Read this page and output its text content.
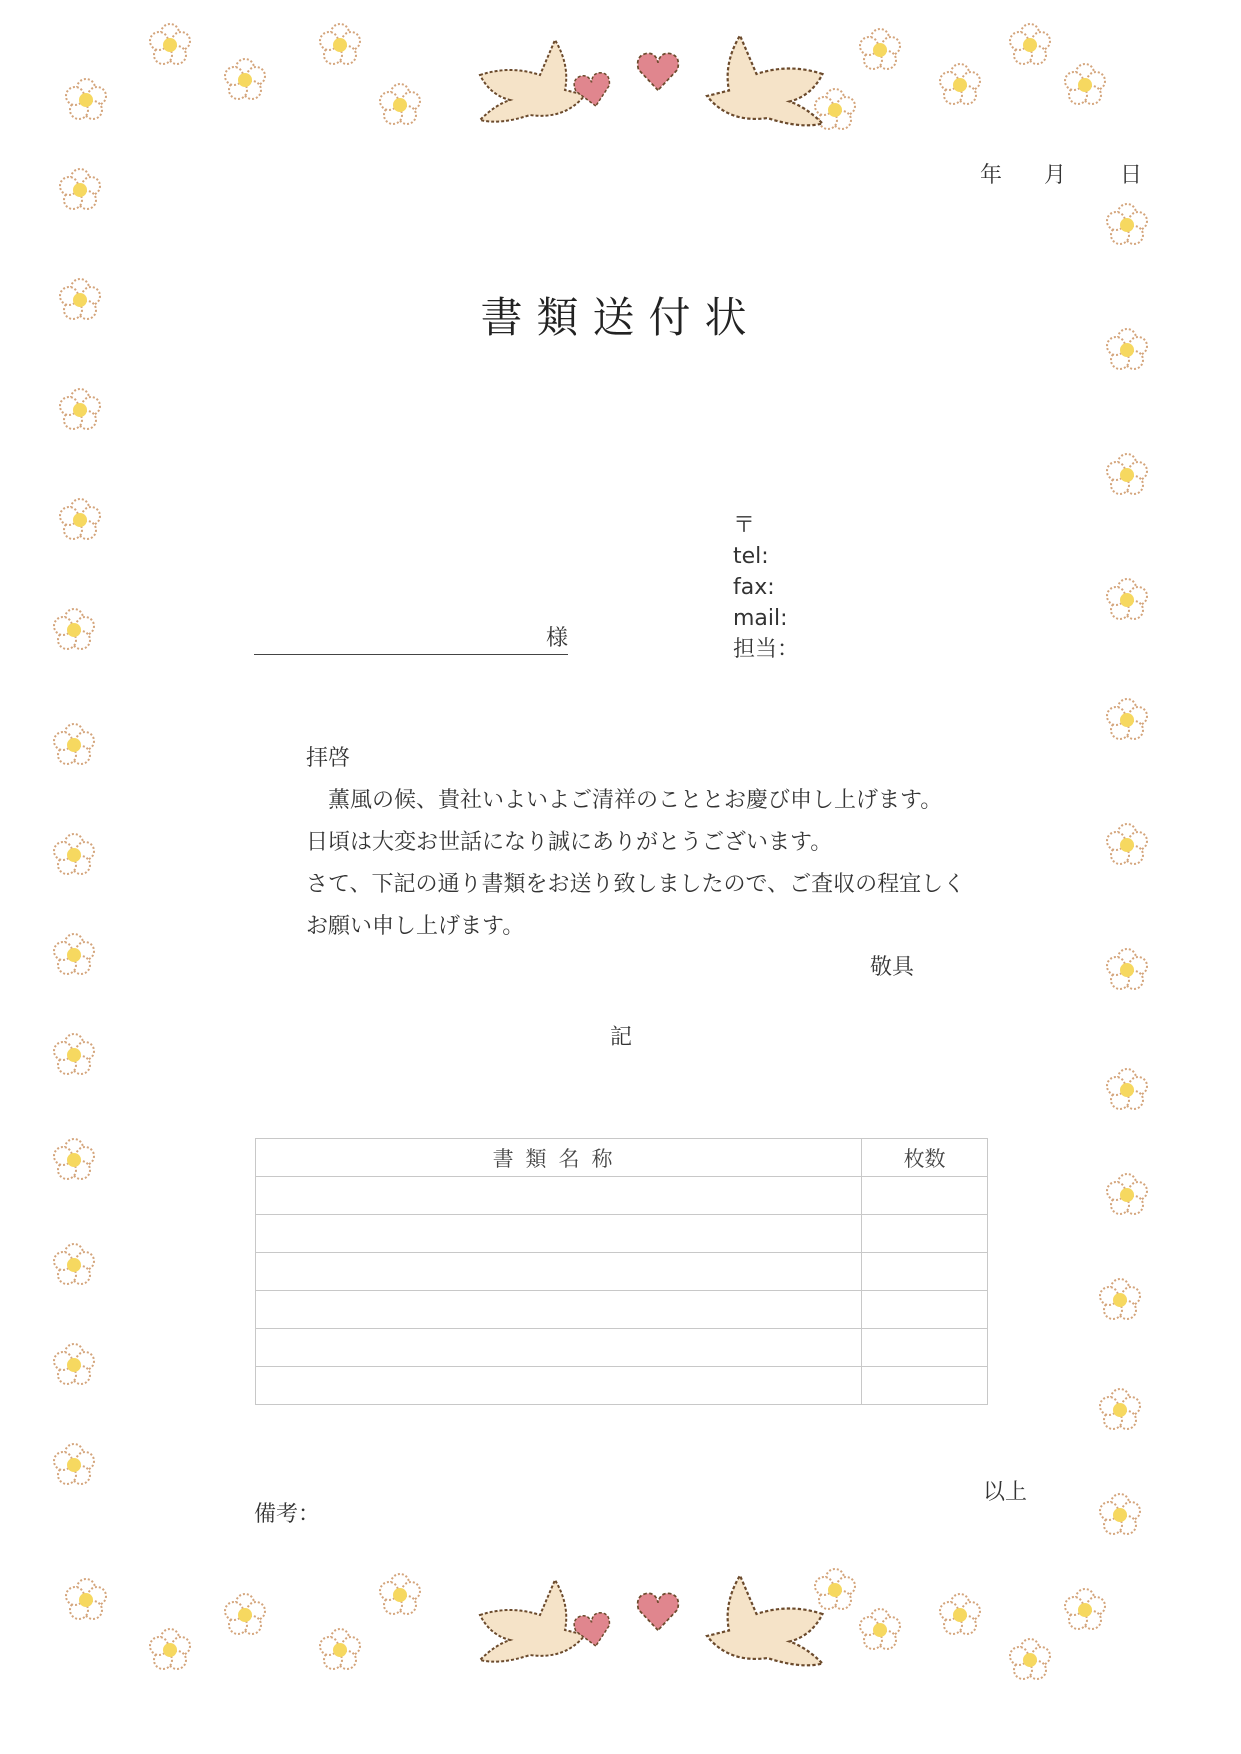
年 月 日
書類送付状
様
〒
tel:
fax:
mail:
担当：
拝啓
　薫風の候、貴社いよいよご清祥のこととお慶び申し上げます。
日頃は大変お世話になり誠にありがとうございます。
さて、下記の通り書類をお送り致しましたので、ご査収の程宜しく
お願い申し上げます。
敬具
記
書類名称	枚数

以上
備考：
